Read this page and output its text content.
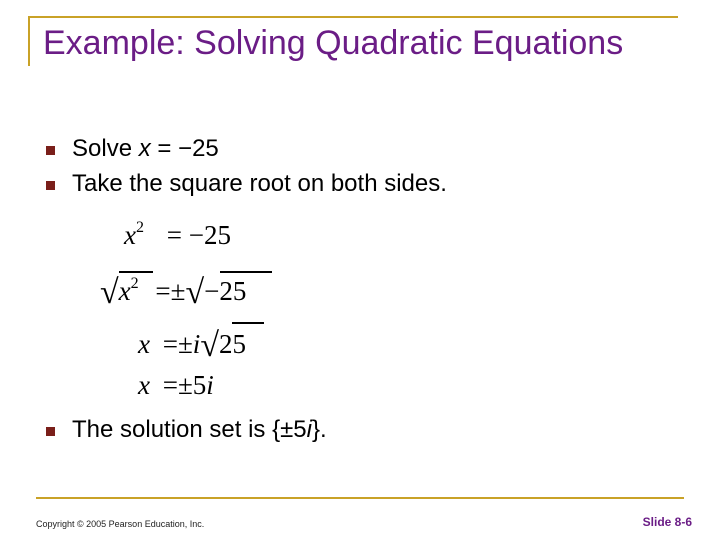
Example: Solving Quadratic Equations
Solve x = −25
Take the square root on both sides.
$x^2 = -25$
$√x^2 =\pm√-25$
x =±i√25
x =±5i
The solution set is {±5i}.
Copyright © 2005 Pearson Education, Inc.	Slide 8-6
